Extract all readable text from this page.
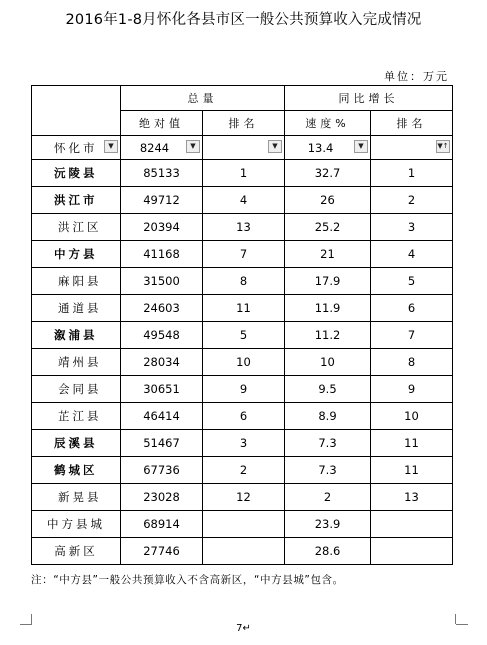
2016年1-8月怀化各县市区一般公共预算收入完成情况
单位：万元
	总量		同比增长	
	绝对值	排名	速度%	排名
怀化市 ▼	8244 ▼	▼	13.4 ▼	▼↑

沅陵县	85133	1	32.7	1
洪江市	49712	4	26	2
洪江区	20394	13	25.2	3
中方县	41168	7	21	4
麻阳县	31500	8	17.9	5
通道县	24603	11	11.9	6
溆浦县	49548	5	11.2	7
靖州县	28034	10	10	8
会同县	30651	9	9.5	9
芷江县	46414	6	8.9	10
辰溪县	51467	3	7.3	11
鹤城区	67736	2	7.3	11
新晃县	23028	12	2	13
中方县城	68914		23.9	
高新区	27746		28.6	
注：“中方县”一般公共预算收入不含高新区，“中方县城”包含。
7↵
